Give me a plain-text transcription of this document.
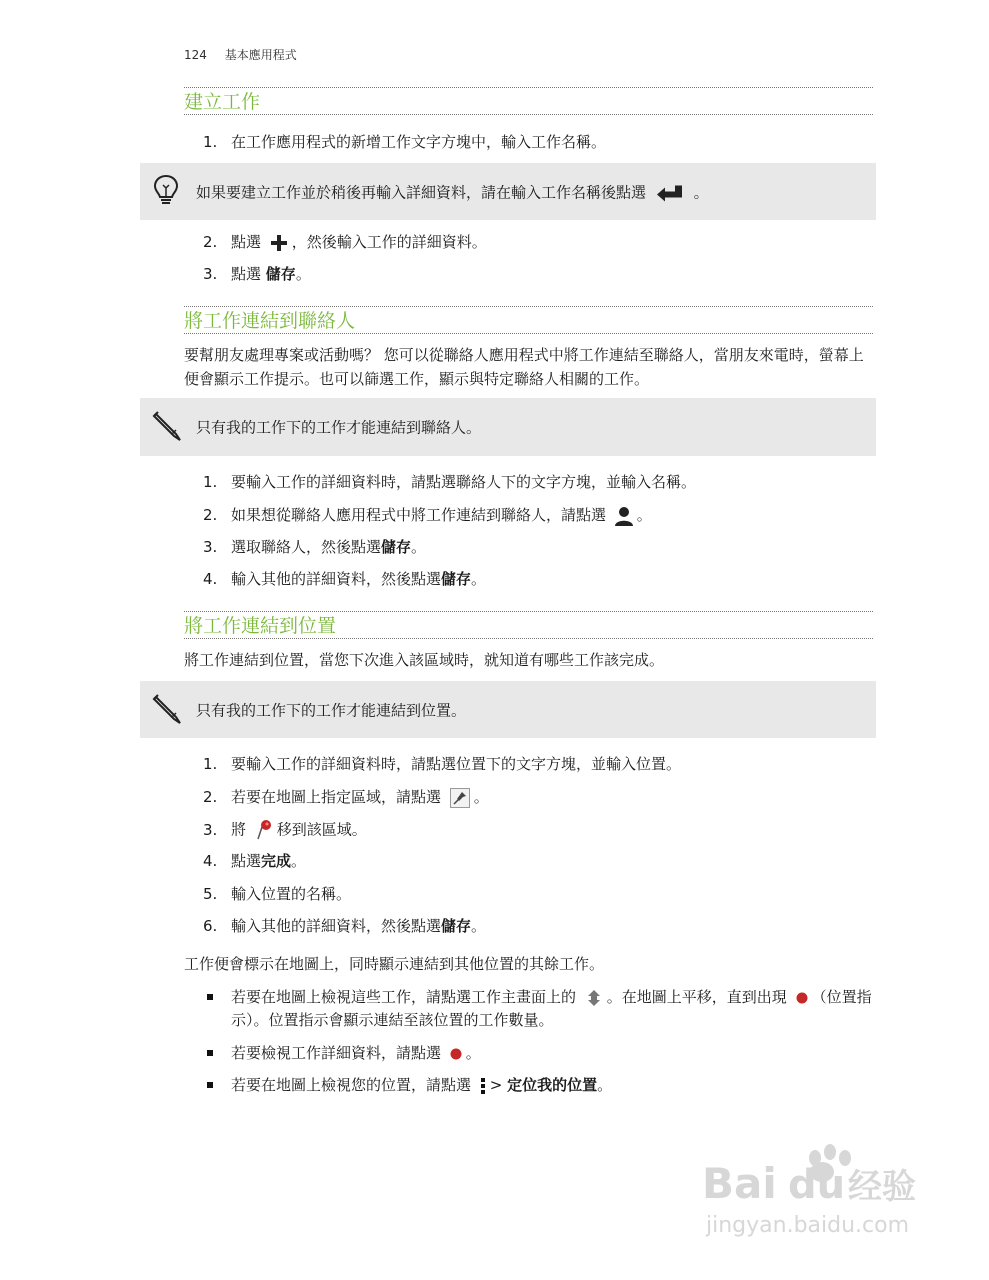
124 基本應用程式
建立工作
1. 在工作應用程式的新增工作文字方塊中，輸入工作名稱。
如果要建立工作並於稍後再輸入詳細資料，請在輸入工作名稱後點選	。
2. 點選 ，然後輸入工作的詳細資料。
3. 點選 儲存。
將工作連結到聯絡人
要幫朋友處理專案或活動嗎？ 您可以從聯絡人應用程式中將工作連結至聯絡人，當朋友來電時，螢幕上便會顯示工作提示。也可以篩選工作，顯示與特定聯絡人相關的工作。
只有我的工作下的工作才能連結到聯絡人。
1. 要輸入工作的詳細資料時，請點選聯絡人下的文字方塊，並輸入名稱。
2. 如果想從聯絡人應用程式中將工作連結到聯絡人，請點選 。
3. 選取聯絡人，然後點選儲存。
4. 輸入其他的詳細資料，然後點選儲存。
將工作連結到位置
將工作連結到位置，當您下次進入該區域時，就知道有哪些工作該完成。
只有我的工作下的工作才能連結到位置。
1. 要輸入工作的詳細資料時，請點選位置下的文字方塊，並輸入位置。
2. 若要在地圖上指定區域，請點選 。
3. 將 移到該區域。
4. 點選完成。
5. 輸入位置的名稱。
6. 輸入其他的詳細資料，然後點選儲存。
工作便會標示在地圖上，同時顯示連結到其他位置的其餘工作。
若要在地圖上檢視這些工作，請點選工作主畫面上的 。在地圖上平移，直到出現 （位置指示）。位置指示會顯示連結至該位置的工作數量。
若要檢視工作詳細資料，請點選 。
若要在地圖上檢視您的位置，請點選 > 定位我的位置。
Bai du 经验
jingyan.baidu.com
